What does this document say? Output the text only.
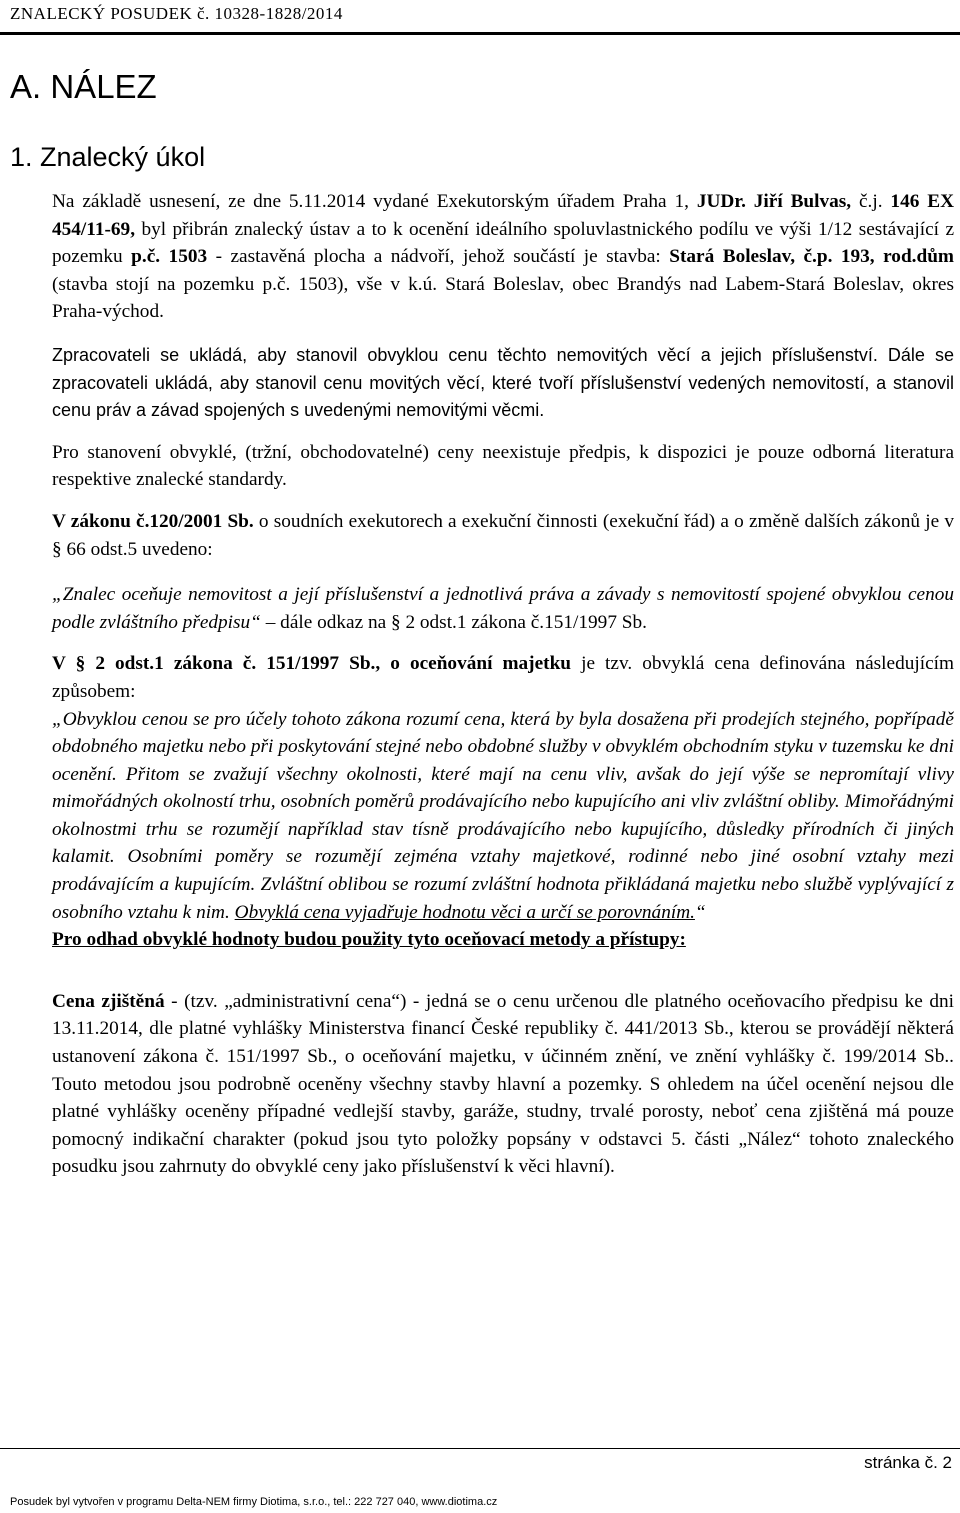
ZNALECKÝ POSUDEK č. 10328-1828/2014
A. NÁLEZ
1. Znalecký úkol

Na základě usnesení, ze dne 5.11.2014 vydané Exekutorským úřadem Praha 1, JUDr. Jiří Bulvas, č.j. 146 EX 454/11-69, byl přibrán znalecký ústav a to k ocenění ideálního spoluvlastnického podílu ve výši 1/12 sestávající z pozemku p.č. 1503 - zastavěná plocha a nádvoří, jehož součástí je stavba: Stará Boleslav, č.p. 193, rod.dům (stavba stojí na pozemku p.č. 1503), vše v k.ú. Stará Boleslav, obec Brandýs nad Labem-Stará Boleslav, okres Praha-východ.

Zpracovateli se ukládá, aby stanovil obvyklou cenu těchto nemovitých věcí a jejich příslušenství. Dále se zpracovateli ukládá, aby stanovil cenu movitých věcí, které tvoří příslušenství vedených nemovitostí, a stanovil cenu práv a závad spojených s uvedenými nemovitými věcmi.

Pro stanovení obvyklé, (tržní, obchodovatelné) ceny neexistuje předpis, k dispozici je pouze odborná literatura respektive znalecké standardy.

V zákonu č.120/2001 Sb. o soudních exekutorech a exekuční činnosti (exekuční řád) a o změně dalších zákonů je v § 66 odst.5 uvedeno:

„Znalec oceňuje nemovitost a její příslušenství a jednotlivá práva a závady s nemovitostí spojené obvyklou cenou podle zvláštního předpisu“ – dále odkaz na § 2 odst.1 zákona č.151/1997 Sb.

V § 2 odst.1 zákona č. 151/1997 Sb., o oceňování majetku je tzv. obvyklá cena definována následujícím způsobem:

„Obvyklou cenou se pro účely tohoto zákona rozumí cena, která by byla dosažena při prodejích stejného, popřípadě obdobného majetku nebo při poskytování stejné nebo obdobné služby v obvyklém obchodním styku v tuzemsku ke dni ocenění. Přitom se zvažují všechny okolnosti, které mají na cenu vliv, avšak do její výše se nepromítají vlivy mimořádných okolností trhu, osobních poměrů prodávajícího nebo kupujícího ani vliv zvláštní obliby. Mimořádnými okolnostmi trhu se rozumějí například stav tísně prodávajícího nebo kupujícího, důsledky přírodních či jiných kalamit. Osobními poměry se rozumějí zejména vztahy majetkové, rodinné nebo jiné osobní vztahy mezi prodávajícím a kupujícím. Zvláštní oblibou se rozumí zvláštní hodnota přikládaná majetku nebo službě vyplývající z osobního vztahu k nim. Obvyklá cena vyjadřuje hodnotu věci a určí se porovnáním.“

Pro odhad obvyklé hodnoty budou použity tyto oceňovací metody a přístupy:

Cena zjištěná - (tzv. „administrativní cena“) - jedná se o cenu určenou dle platného oceňovacího předpisu ke dni 13.11.2014, dle platné vyhlášky Ministerstva financí České republiky č. 441/2013 Sb., kterou se provádějí některá ustanovení zákona č. 151/1997 Sb., o oceňování majetku, v účinném znění, ve znění vyhlášky č. 199/2014 Sb.. Touto metodou jsou podrobně oceněny všechny stavby hlavní a pozemky. S ohledem na účel ocenění nejsou dle platné vyhlášky oceněny případné vedlejší stavby, garáže, studny, trvalé porosty, neboť cena zjištěná má pouze pomocný indikační charakter (pokud jsou tyto položky popsány v odstavci 5. části „Nález“ tohoto znaleckého posudku jsou zahrnuty do obvyklé ceny jako příslušenství k věci hlavní).

stránka č. 2
Posudek byl vytvořen v programu Delta-NEM firmy Diotima, s.r.o., tel.: 222 727 040, www.diotima.cz
